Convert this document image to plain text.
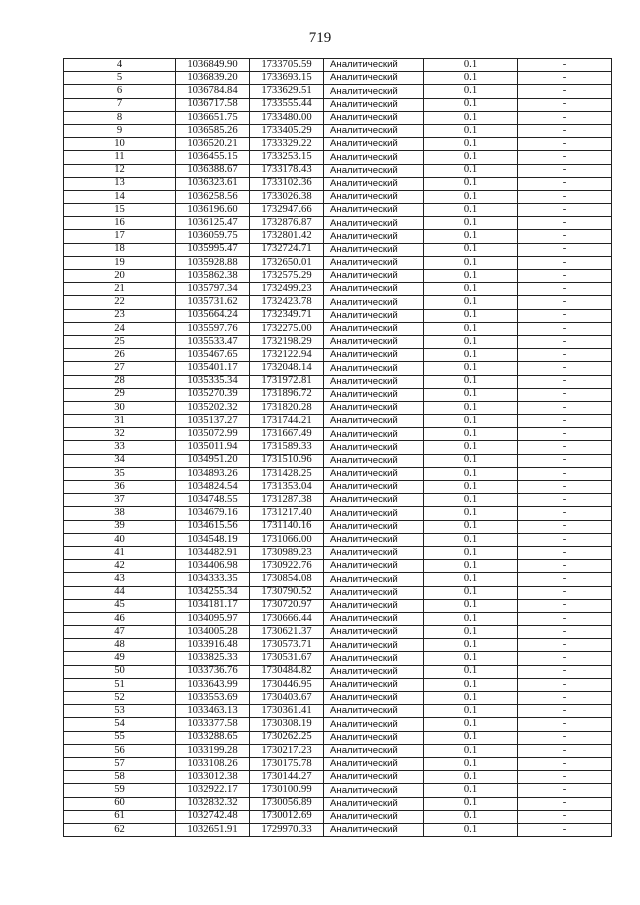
719
4	1036849.90	1733705.59	Аналитический	0.1	-
5	1036839.20	1733693.15	Аналитический	0.1	-
6	1036784.84	1733629.51	Аналитический	0.1	-
7	1036717.58	1733555.44	Аналитический	0.1	-
8	1036651.75	1733480.00	Аналитический	0.1	-
9	1036585.26	1733405.29	Аналитический	0.1	-
10	1036520.21	1733329.22	Аналитический	0.1	-
11	1036455.15	1733253.15	Аналитический	0.1	-
12	1036388.67	1733178.43	Аналитический	0.1	-
13	1036323.61	1733102.36	Аналитический	0.1	-
14	1036258.56	1733026.38	Аналитический	0.1	-
15	1036196.60	1732947.66	Аналитический	0.1	-
16	1036125.47	1732876.87	Аналитический	0.1	-
17	1036059.75	1732801.42	Аналитический	0.1	-
18	1035995.47	1732724.71	Аналитический	0.1	-
19	1035928.88	1732650.01	Аналитический	0.1	-
20	1035862.38	1732575.29	Аналитический	0.1	-
21	1035797.34	1732499.23	Аналитический	0.1	-
22	1035731.62	1732423.78	Аналитический	0.1	-
23	1035664.24	1732349.71	Аналитический	0.1	-
24	1035597.76	1732275.00	Аналитический	0.1	-
25	1035533.47	1732198.29	Аналитический	0.1	-
26	1035467.65	1732122.94	Аналитический	0.1	-
27	1035401.17	1732048.14	Аналитический	0.1	-
28	1035335.34	1731972.81	Аналитический	0.1	-
29	1035270.39	1731896.72	Аналитический	0.1	-
30	1035202.32	1731820.28	Аналитический	0.1	-
31	1035137.27	1731744.21	Аналитический	0.1	-
32	1035072.99	1731667.49	Аналитический	0.1	-
33	1035011.94	1731589.33	Аналитический	0.1	-
34	1034951.20	1731510.96	Аналитический	0.1	-
35	1034893.26	1731428.25	Аналитический	0.1	-
36	1034824.54	1731353.04	Аналитический	0.1	-
37	1034748.55	1731287.38	Аналитический	0.1	-
38	1034679.16	1731217.40	Аналитический	0.1	-
39	1034615.56	1731140.16	Аналитический	0.1	-
40	1034548.19	1731066.00	Аналитический	0.1	-
41	1034482.91	1730989.23	Аналитический	0.1	-
42	1034406.98	1730922.76	Аналитический	0.1	-
43	1034333.35	1730854.08	Аналитический	0.1	-
44	1034255.34	1730790.52	Аналитический	0.1	-
45	1034181.17	1730720.97	Аналитический	0.1	-
46	1034095.97	1730666.44	Аналитический	0.1	-
47	1034005.28	1730621.37	Аналитический	0.1	-
48	1033916.48	1730573.71	Аналитический	0.1	-
49	1033825.33	1730531.67	Аналитический	0.1	-
50	1033736.76	1730484.82	Аналитический	0.1	-
51	1033643.99	1730446.95	Аналитический	0.1	-
52	1033553.69	1730403.67	Аналитический	0.1	-
53	1033463.13	1730361.41	Аналитический	0.1	-
54	1033377.58	1730308.19	Аналитический	0.1	-
55	1033288.65	1730262.25	Аналитический	0.1	-
56	1033199.28	1730217.23	Аналитический	0.1	-
57	1033108.26	1730175.78	Аналитический	0.1	-
58	1033012.38	1730144.27	Аналитический	0.1	-
59	1032922.17	1730100.99	Аналитический	0.1	-
60	1032832.32	1730056.89	Аналитический	0.1	-
61	1032742.48	1730012.69	Аналитический	0.1	-
62	1032651.91	1729970.33	Аналитический	0.1	-
